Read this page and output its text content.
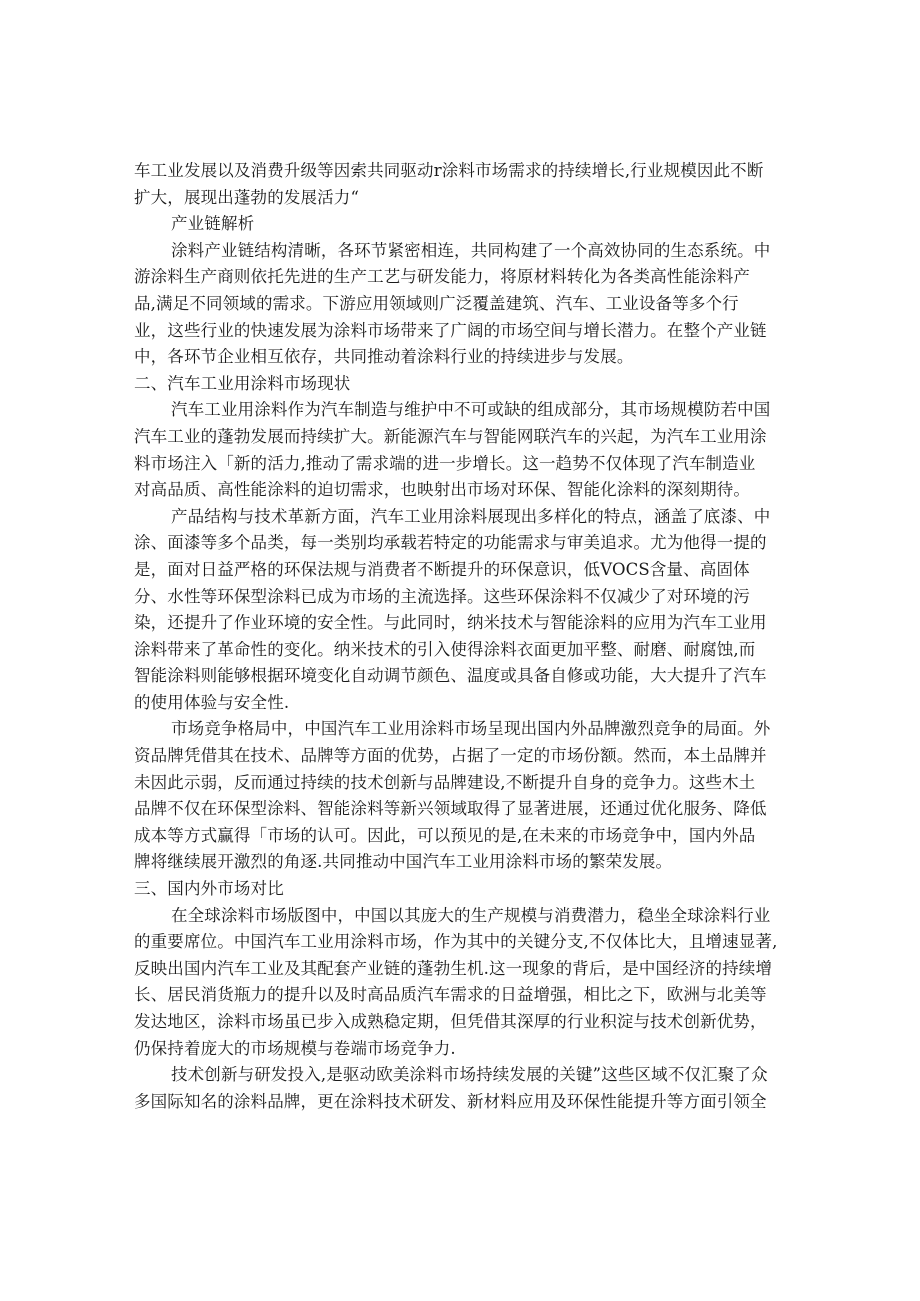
车工业发展以及消费升级等因索共同驱动r涂料市场需求的持续增长,行业规模因此不断
扩大，展现出蓬勃的发展活力“
产业链解析
涂料产业链结构清晰，各环节紧密相连，共同构建了一个高效协同的生态系统。中
游涂料生产商则依托先进的生产工艺与研发能力，将原材料转化为各类高性能涂料产
品,满足不同领域的需求。下游应用领域则广泛覆盖建筑、汽车、工业设备等多个行
业，这些行业的快速发展为涂料市场带来了广阔的市场空间与增长潜力。在整个产业链
中，各环节企业相互依存，共同推动着涂料行业的持续进步与发展。
二、汽车工业用涂料市场现状
汽车工业用涂料作为汽车制造与维护中不可或缺的组成部分，其市场规模防若中国
汽车工业的蓬勃发展而持续扩大。新能源汽车与智能网联汽车的兴起，为汽车工业用涂
料市场注入「新的活力,推动了需求端的进一步增长。这一趋势不仅体现了汽车制造业
对高品质、高性能涂料的迫切需求，也映射出市场对环保、智能化涂料的深刻期待。
产品结构与技术革新方面，汽车工业用涂料展现出多样化的特点，涵盖了底漆、中
涂、面漆等多个品类，每一类别均承载若特定的功能需求与审美追求。尤为他得一提的
是，面对日益严格的环保法规与消费者不断提升的环保意识，低VOCS含量、高固体
分、水性等环保型涂料已成为市场的主流选择。这些环保涂料不仅减少了对环境的污
染，还提升了作业环境的安全性。与此同时，纳米技术与智能涂料的应用为汽车工业用
涂料带来了革命性的变化。纳米技术的引入使得涂料衣面更加平整、耐磨、耐腐蚀,而
智能涂料则能够根据环境变化自动调节颜色、温度或具备自修或功能，大大提升了汽车
的使用体验与安全性.
市场竞争格局中，中国汽车工业用涂料市场呈现出国内外品牌激烈竞争的局面。外
资品牌凭借其在技术、品牌等方面的优势，占据了一定的市场份额。然而，本土品牌并
未因此示弱，反而通过持续的技术创新与品牌建设,不断提升自身的竞争力。这些木土
品牌不仅在环保型涂料、智能涂料等新兴领域取得了显著进展，还通过优化服务、降低
成本等方式赢得「市场的认可。因此，可以预见的是,在未来的市场竞争中，国内外品
牌将继续展开激烈的角逐.共同推动中国汽车工业用涂料市场的繁荣发展。
三、国内外市场对比
在全球涂料市场版图中，中国以其庞大的生产规模与消费潜力，稳坐全球涂料行业
的重要席位。中国汽车工业用涂料市场，作为其中的关键分支,不仅体比大，且增速显著,
反映出国内汽车工业及其配套产业链的蓬勃生机.这一现象的背后，是中国经济的持续增
长、居民消货瓶力的提升以及时高品质汽车需求的日益增强，相比之下，欧洲与北美等
发达地区，涂料市场虽已步入成熟稳定期，但凭借其深厚的行业积淀与技术创新优势，
仍保持着庞大的市场规模与卷端市场竞争力.
技术创新与研发投入,是驱动欧美涂料市场持续发展的关键”这些区域不仅汇聚了众
多国际知名的涂料品牌，更在涂料技术研发、新材料应用及环保性能提升等方面引领全
